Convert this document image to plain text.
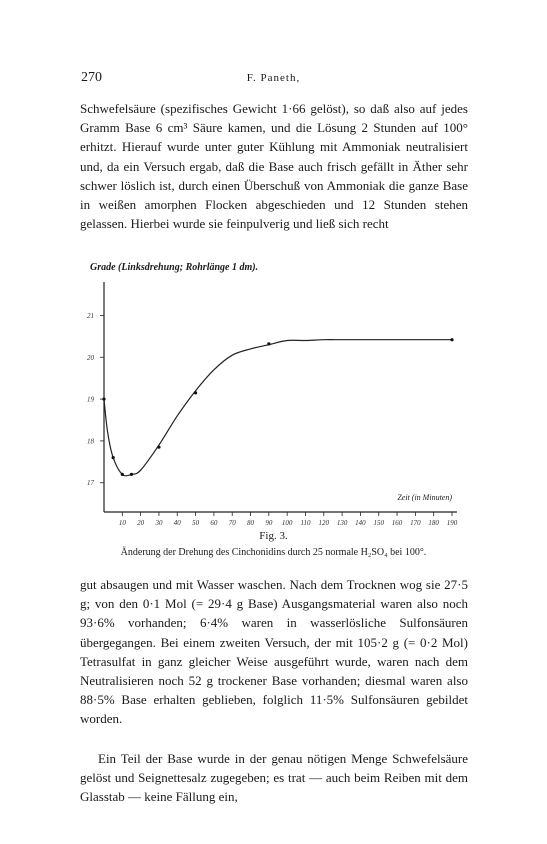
270	F. Paneth,

Schwefelsäure (spezifisches Gewicht 1·66 gelöst), so daß also auf jedes Gramm Base 6 cm³ Säure kamen, und die Lösung 2 Stunden auf 100° erhitzt. Hierauf wurde unter guter Kühlung mit Ammoniak neutralisiert und, da ein Versuch ergab, daß die Base auch frisch gefällt in Äther sehr schwer löslich ist, durch einen Überschuß von Ammoniak die ganze Base in weißen amorphen Flocken abgeschieden und 12 Stunden stehen gelassen. Hierbei wurde sie feinpulverig und ließ sich recht

Grade (Linksdrehung; Rohrlänge 1 dm).
10 20 30 40 50 60 70 80 90 100 110 120 130 140 150 160 170 180 190
17
18
19
20
21
Zeit (in Minuten)
Fig. 3.
Änderung der Drehung des Cinchonidins durch 25 normale H₂SO₄ bei 100°.

gut absaugen und mit Wasser waschen. Nach dem Trocknen wog sie 27·5 g; von den 0·1 Mol (= 29·4 g Base) Ausgangsmaterial waren also noch 93·6% vorhanden; 6·4% waren in wasserlösliche Sulfonsäuren übergegangen. Bei einem zweiten Versuch, der mit 105·2 g (= 0·2 Mol) Tetrasulfat in ganz gleicher Weise ausgeführt wurde, waren nach dem Neutralisieren noch 52 g trockener Base vorhanden; diesmal waren also 88·5% Base erhalten geblieben, folglich 11·5% Sulfonsäuren gebildet worden.

Ein Teil der Base wurde in der genau nötigen Menge Schwefelsäure gelöst und Seignettesalz zugegeben; es trat — auch beim Reiben mit dem Glasstab — keine Fällung ein,
